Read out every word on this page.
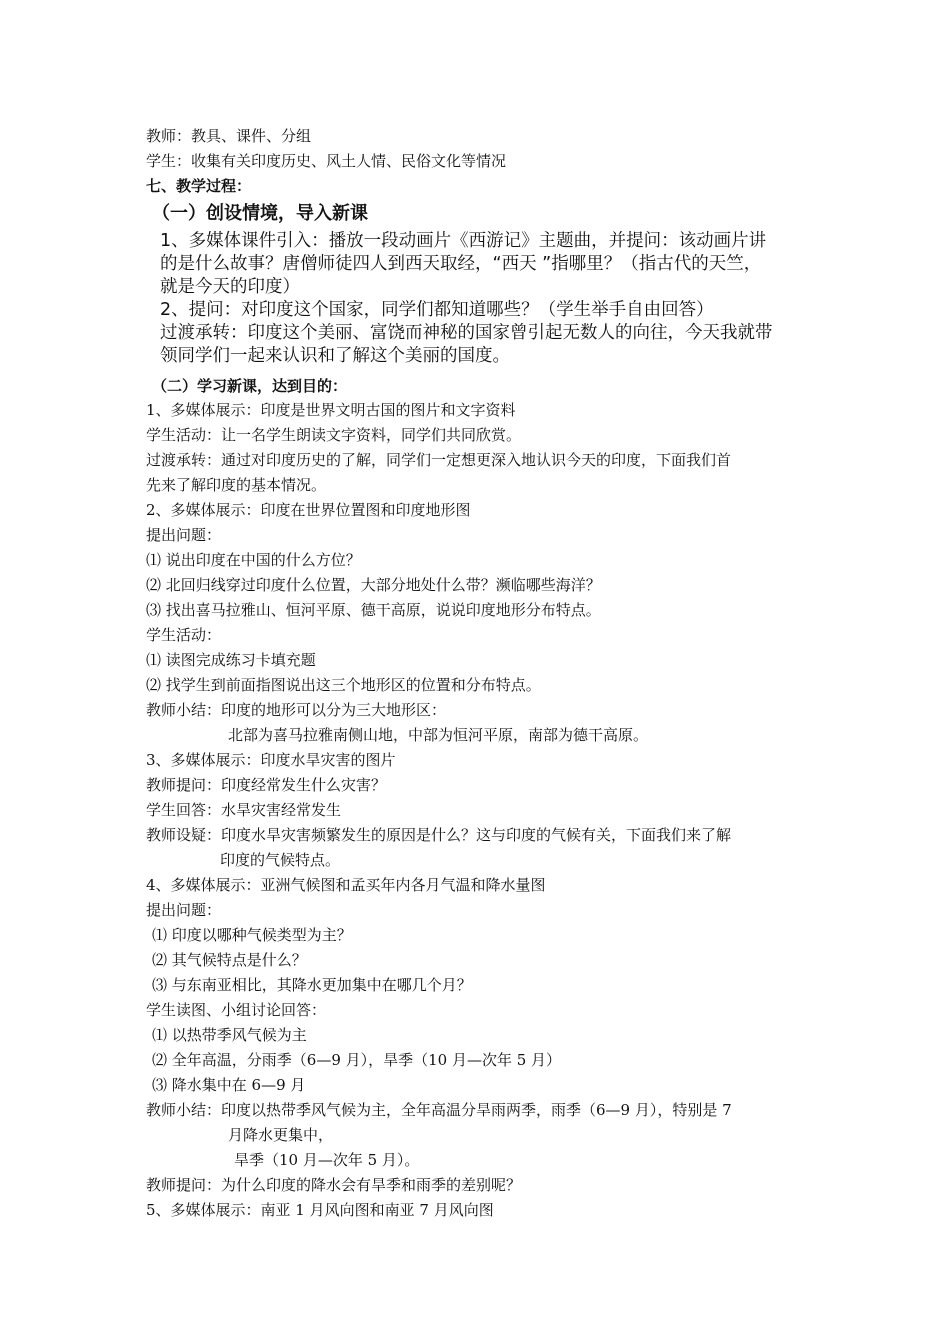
教师：教具、课件、分组
学生：收集有关印度历史、风土人情、民俗文化等情况
七、教学过程：
（一）创设情境，导入新课
1、多媒体课件引入：播放一段动画片《西游记》主题曲，并提问：该动画片讲
的是什么故事？唐僧师徒四人到西天取经，“西天 ”指哪里？（指古代的天竺，
就是今天的印度）
2、提问：对印度这个国家，同学们都知道哪些？（学生举手自由回答）
过渡承转：印度这个美丽、富饶而神秘的国家曾引起无数人的向往，今天我就带
领同学们一起来认识和了解这个美丽的国度。
（二）学习新课，达到目的：
1、多媒体展示：印度是世界文明古国的图片和文字资料
学生活动：让一名学生朗读文字资料，同学们共同欣赏。
过渡承转：通过对印度历史的了解，同学们一定想更深入地认识今天的印度，下面我们首
先来了解印度的基本情况。
2、多媒体展示：印度在世界位置图和印度地形图
提出问题：
⑴ 说出印度在中国的什么方位？
⑵ 北回归线穿过印度什么位置，大部分地处什么带？濒临哪些海洋？
⑶ 找出喜马拉雅山、恒河平原、德干高原，说说印度地形分布特点。
学生活动：
⑴ 读图完成练习卡填充题
⑵ 找学生到前面指图说出这三个地形区的位置和分布特点。
教师小结：印度的地形可以分为三大地形区：
北部为喜马拉雅南侧山地，中部为恒河平原，南部为德干高原。
3、多媒体展示：印度水旱灾害的图片
教师提问：印度经常发生什么灾害？
学生回答：水旱灾害经常发生
教师设疑：印度水旱灾害频繁发生的原因是什么？这与印度的气候有关，下面我们来了解
印度的气候特点。
4、多媒体展示：亚洲气候图和孟买年内各月气温和降水量图
提出问题：
⑴ 印度以哪种气候类型为主？
⑵ 其气候特点是什么？
⑶ 与东南亚相比，其降水更加集中在哪几个月？
学生读图、小组讨论回答：
⑴ 以热带季风气候为主
⑵ 全年高温，分雨季（6—9 月），旱季（10 月—次年 5 月）
⑶ 降水集中在 6—9 月
教师小结：印度以热带季风气候为主，全年高温分旱雨两季，雨季（6—9 月），特别是 7
月降水更集中，
旱季（10 月—次年 5 月）。
教师提问：为什么印度的降水会有旱季和雨季的差别呢？
5、多媒体展示：南亚 1 月风向图和南亚 7 月风向图
